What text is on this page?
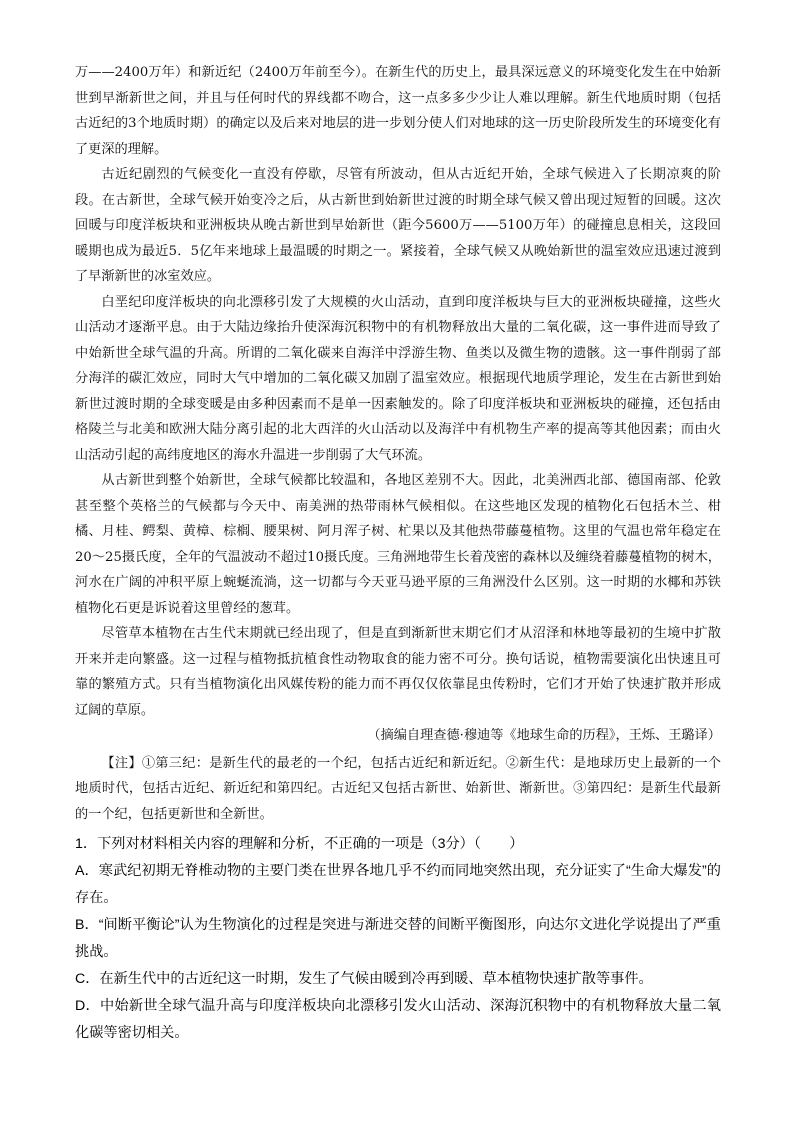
万——2400万年）和新近纪（2400万年前至今）。在新生代的历史上，最具深远意义的环境变化发生在中始新世到早渐新世之间，并且与任何时代的界线都不吻合，这一点多多少少让人难以理解。新生代地质时期（包括古近纪的3个地质时期）的确定以及后来对地层的进一步划分使人们对地球的这一历史阶段所发生的环境变化有了更深的理解。

古近纪剧烈的气候变化一直没有停歇，尽管有所波动，但从古近纪开始，全球气候进入了长期凉爽的阶段。在古新世，全球气候开始变冷之后，从古新世到始新世过渡的时期全球气候又曾出现过短暂的回暖。这次回暖与印度洋板块和亚洲板块从晚古新世到早始新世（距今5600万——5100万年）的碰撞息息相关，这段回暖期也成为最近5．5亿年来地球上最温暖的时期之一。紧接着，全球气候又从晚始新世的温室效应迅速过渡到了早渐新世的冰室效应。

白垩纪印度洋板块的向北漂移引发了大规模的火山活动，直到印度洋板块与巨大的亚洲板块碰撞，这些火山活动才逐渐平息。由于大陆边缘抬升使深海沉积物中的有机物释放出大量的二氧化碳，这一事件进而导致了中始新世全球气温的升高。所谓的二氧化碳来自海洋中浮游生物、鱼类以及微生物的遗骸。这一事件削弱了部分海洋的碳汇效应，同时大气中增加的二氧化碳又加剧了温室效应。根据现代地质学理论，发生在古新世到始新世过渡时期的全球变暖是由多种因素而不是单一因素触发的。除了印度洋板块和亚洲板块的碰撞，还包括由格陵兰与北美和欧洲大陆分离引起的北大西洋的火山活动以及海洋中有机物生产率的提高等其他因素；而由火山活动引起的高纬度地区的海水升温进一步削弱了大气环流。

从古新世到整个始新世，全球气候都比较温和，各地区差别不大。因此，北美洲西北部、德国南部、伦敦甚至整个英格兰的气候都与今天中、南美洲的热带雨林气候相似。在这些地区发现的植物化石包括木兰、柑橘、月桂、鳄梨、黄樟、棕榈、腰果树、阿月浑子树、杧果以及其他热带藤蔓植物。这里的气温也常年稳定在20～25摄氏度，全年的气温波动不超过10摄氏度。三角洲地带生长着茂密的森林以及缠绕着藤蔓植物的树木，河水在广阔的冲积平原上蜿蜒流淌，这一切都与今天亚马逊平原的三角洲没什么区别。这一时期的水椰和苏铁植物化石更是诉说着这里曾经的葱茸。

尽管草本植物在古生代末期就已经出现了，但是直到渐新世末期它们才从沼泽和林地等最初的生境中扩散开来并走向繁盛。这一过程与植物抵抗植食性动物取食的能力密不可分。换句话说，植物需要演化出快速且可靠的繁殖方式。只有当植物演化出风媒传粉的能力而不再仅仅依靠昆虫传粉时，它们才开始了快速扩散并形成辽阔的草原。

（摘编自理查德·穆迪等《地球生命的历程》，王烁、王璐译）

【注】①第三纪：是新生代的最老的一个纪，包括古近纪和新近纪。②新生代：是地球历史上最新的一个地质时代，包括古近纪、新近纪和第四纪。古近纪又包括古新世、始新世、渐新世。③第四纪：是新生代最新的一个纪，包括更新世和全新世。

1．下列对材料相关内容的理解和分析，不正确的一项是（3分）（　　）

A．寒武纪初期无脊椎动物的主要门类在世界各地几乎不约而同地突然出现，充分证实了“生命大爆发”的存在。

B．“间断平衡论”认为生物演化的过程是突进与渐进交替的间断平衡图形，向达尔文进化学说提出了严重挑战。

C．在新生代中的古近纪这一时期，发生了气候由暖到冷再到暖、草本植物快速扩散等事件。

D．中始新世全球气温升高与印度洋板块向北漂移引发火山活动、深海沉积物中的有机物释放大量二氧化碳等密切相关。
